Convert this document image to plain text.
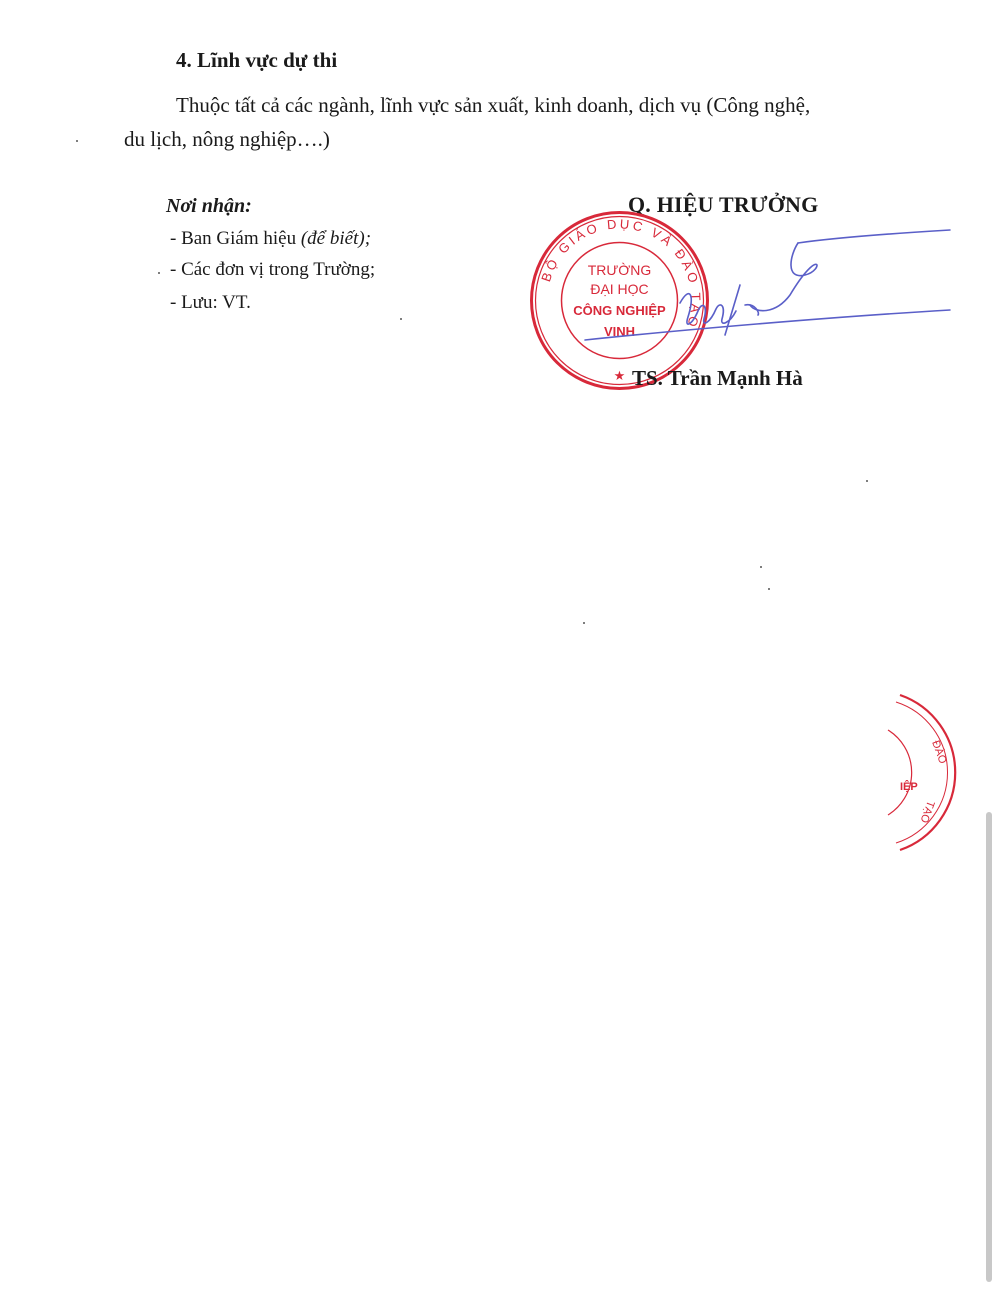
4. Lĩnh vực dự thi

Thuộc tất cả các ngành, lĩnh vực sản xuất, kinh doanh, dịch vụ (Công nghệ,

du lịch, nông nghiệp….)

Nơi nhận:

- Ban Giám hiệu (để biết);

- Các đơn vị trong Trường;

- Lưu: VT.

Q. HIỆU TRƯỞNG

BỘ GIÁO DỤC VÀ ĐÀO TẠO
★
TRƯỜNG
ĐẠI HỌC
CÔNG NGHIỆP
VINH

TS. Trần Mạnh Hà

ĐÀO
TẠO
IỆP
